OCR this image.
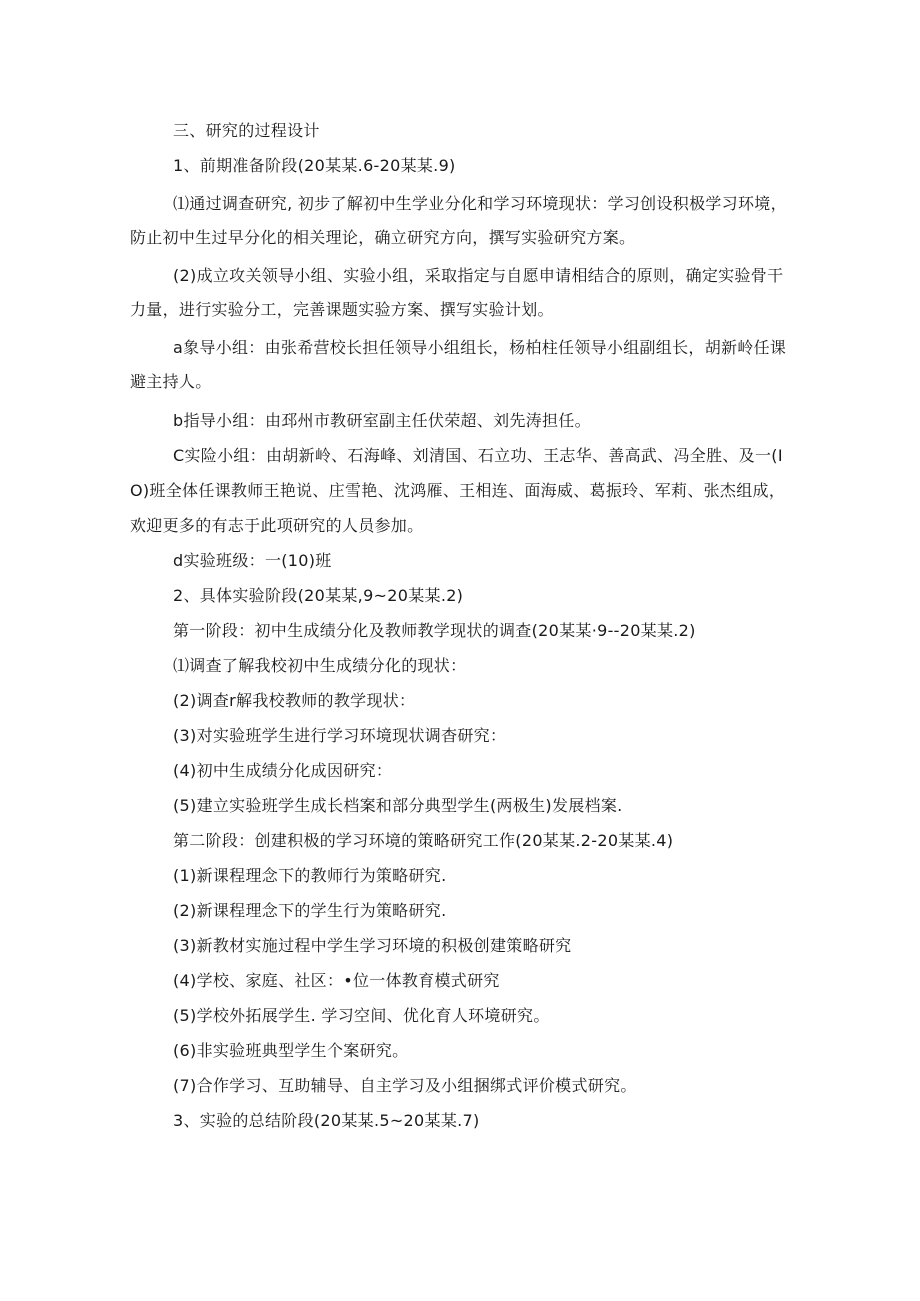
三、研究的过程设计

1、前期准备阶段(20某某.6-20某某.9)

⑴通过调查研究, 初步了解初中生学业分化和学习环境现状：学习创设积极学习环境，防止初中生过早分化的相关理论，确立研究方向，撰写实验研究方案。

(2)成立攻关领导小组、实验小组，采取指定与自愿申请相结合的原则，确定实验骨干力量，进行实验分工，完善课题实验方案、撰写实验计划。

a象导小组：由张希营校长担任领导小组组长，杨柏柱任领导小组副组长，胡新岭任课避主持人。

b指导小组：由邳州市教研室副主任伏荣超、刘先涛担任。

C实险小组：由胡新岭、石海峰、刘清国、石立功、王志华、善高武、冯全胜、及一(IO)班全体任课教师王艳说、庄雪艳、沈鸿雁、王相连、面海威、葛振玲、军莉、张杰组成，欢迎更多的有志于此项研究的人员参加。

d实验班级：一(10)班

2、具体实验阶段(20某某,9~20某某.2)

第一阶段：初中生成绩分化及教师教学现状的调查(20某某·9--20某某.2)

⑴调查了解我校初中生成绩分化的现状：

(2)调查r解我校教师的教学现状：

(3)对实验班学生进行学习环境现状调杳研究：

(4)初中生成绩分化成因研究：

(5)建立实验班学生成长档案和部分典型学生(两极生)发展档案.

第二阶段：创建积极的学习环境的策略研究工作(20某某.2-20某某.4)

(1)新课程理念下的教师行为策略研究.

(2)新课程理念下的学生行为策略研究.

(3)新教材实施过程中学生学习环境的积极创建策略研究

(4)学校、家庭、社区：•位一体教育模式研究

(5)学校外拓展学生. 学习空间、优化育人环境研究。

(6)非实验班典型学生个案研究。

(7)合作学习、互助辅导、自主学习及小组捆绑式评价模式研究。

3、实验的总结阶段(20某某.5~20某某.7)
